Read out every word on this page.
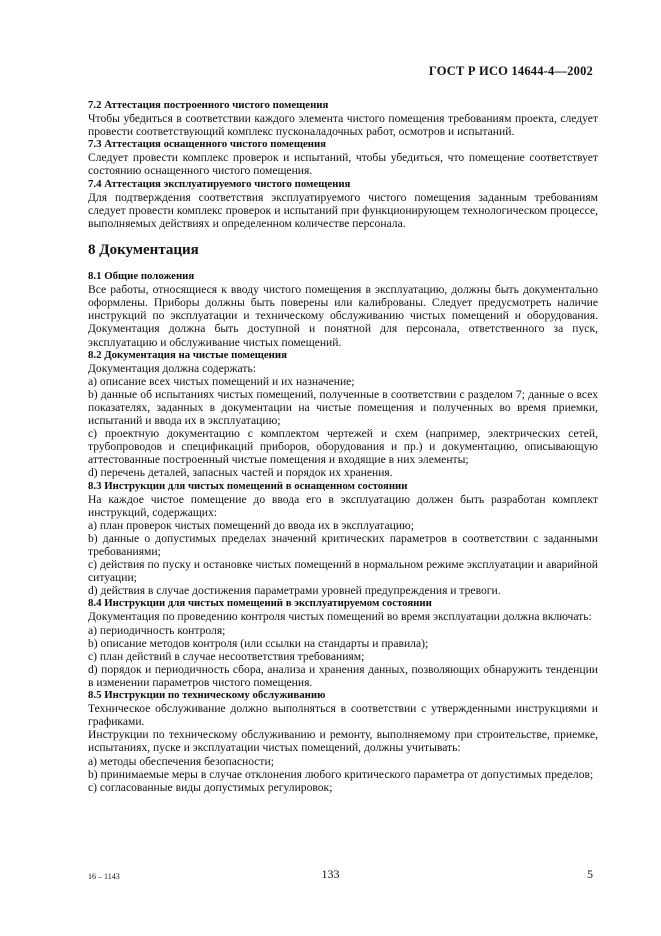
ГОСТ Р ИСО 14644-4—2002

7.2 Аттестация построенного чистого помещения

Чтобы убедиться в соответствии каждого элемента чистого помещения требованиям проекта, следует провести соответствующий комплекс пусконаладочных работ, осмотров и испытаний.

7.3 Аттестация оснащенного чистого помещения

Следует провести комплекс проверок и испытаний, чтобы убедиться, что помещение соответствует состоянию оснащенного чистого помещения.

7.4 Аттестация эксплуатируемого чистого помещения

Для подтверждения соответствия эксплуатируемого чистого помещения заданным требованиям следует провести комплекс проверок и испытаний при функционирующем технологическом процессе, выполняемых действиях и определенном количестве персонала.

8 Документация

8.1 Общие положения

Все работы, относящиеся к вводу чистого помещения в эксплуатацию, должны быть документально оформлены. Приборы должны быть поверены или калиброваны. Следует предусмотреть наличие инструкций по эксплуатации и техническому обслуживанию чистых помещений и оборудования. Документация должна быть доступной и понятной для персонала, ответственного за пуск, эксплуатацию и обслуживание чистых помещений.

8.2 Документация на чистые помещения

Документация должна содержать:

а) описание всех чистых помещений и их назначение;

b) данные об испытаниях чистых помещений, полученные в соответствии с разделом 7; данные о всех показателях, заданных в документации на чистые помещения и полученных во время приемки, испытаний и ввода их в эксплуатацию;

с) проектную документацию с комплектом чертежей и схем (например, электрических сетей, трубопроводов и спецификаций приборов, оборудования и пр.) и документацию, описывающую аттестованные построенный чистые помещения и входящие в них элементы;

d) перечень деталей, запасных частей и порядок их хранения.

8.3 Инструкции для чистых помещений в оснащенном состоянии

На каждое чистое помещение до ввода его в эксплуатацию должен быть разработан комплект инструкций, содержащих:

а) план проверок чистых помещений до ввода их в эксплуатацию;

b) данные о допустимых пределах значений критических параметров в соответствии с заданными требованиями;

с) действия по пуску и остановке чистых помещений в нормальном режиме эксплуатации и аварийной ситуации;

d) действия в случае достижения параметрами уровней предупреждения и тревоги.

8.4 Инструкции для чистых помещений в эксплуатируемом состоянии

Документация по проведению контроля чистых помещений во время эксплуатации должна включать:

а) периодичность контроля;

b) описание методов контроля (или ссылки на стандарты и правила);

с) план действий в случае несоответствия требованиям;

d) порядок и периодичность сбора, анализа и хранения данных, позволяющих обнаружить тенденции в изменении параметров чистого помещения.

8.5 Инструкции по техническому обслуживанию

Техническое обслуживание должно выполняться в соответствии с утвержденными инструкциями и графиками.

Инструкции по техническому обслуживанию и ремонту, выполняемому при строительстве, приемке, испытаниях, пуске и эксплуатации чистых помещений, должны учитывать:

а) методы обеспечения безопасности;

b) принимаемые меры в случае отклонения любого критического параметра от допустимых пределов;

с) согласованные виды допустимых регулировок;

16 – 1143	133	5
